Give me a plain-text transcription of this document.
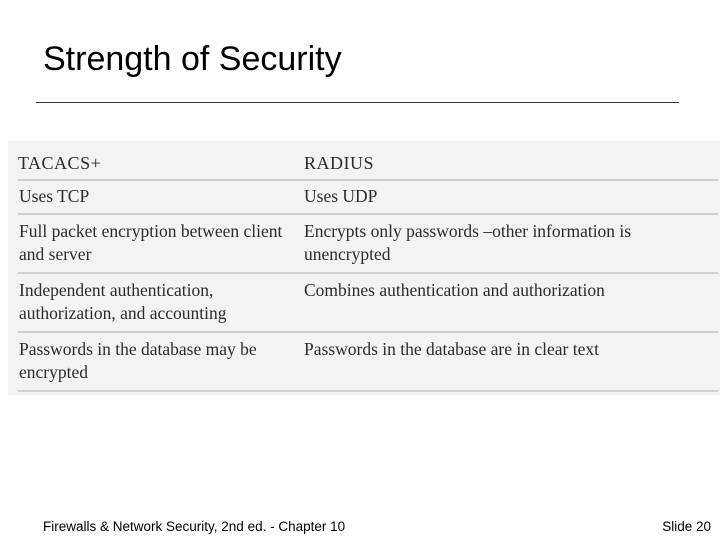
Strength of Security
TACACS+	RADIUS
Uses TCP	Uses UDP
Full packet encryption between client and server	Encrypts only passwords –other information is unencrypted
Independent authentication, authorization, and accounting	Combines authentication and authorization
Passwords in the database may be encrypted	Passwords in the database are in clear text
Firewalls & Network Security, 2nd ed. - Chapter 10	Slide 20
